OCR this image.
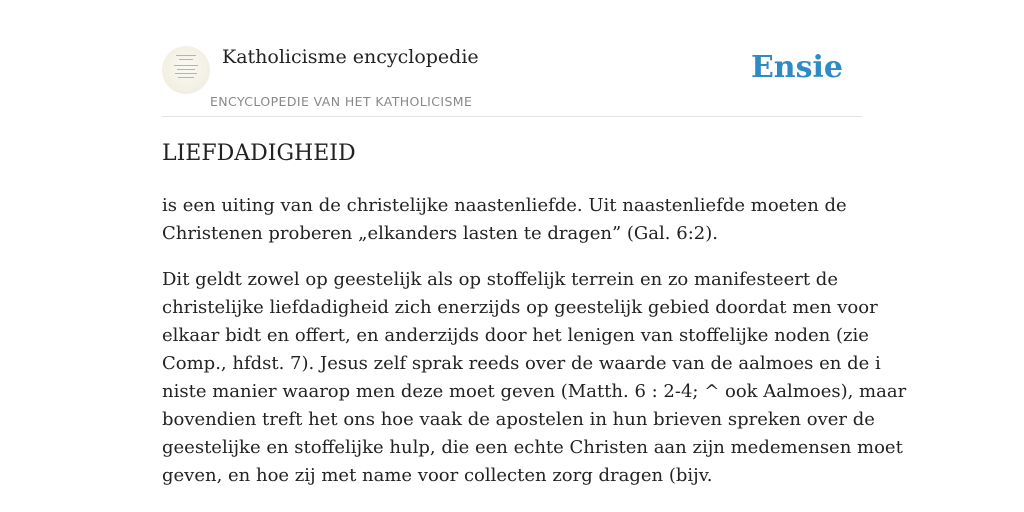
Katholicisme encyclopedie
ENCYCLOPEDIE VAN HET KATHOLICISME
Ensie
LIEFDADIGHEID

is een uiting van de christelijke naastenliefde. Uit naastenliefde moeten de
Christenen proberen „elkanders lasten te dragen” (Gal. 6:2).

Dit geldt zowel op geestelijk als op stoffelijk terrein en zo manifesteert de
christelijke liefdadigheid zich enerzijds op geestelijk gebied doordat men voor
elkaar bidt en offert, en anderzijds door het lenigen van stoffelijke noden (zie
Comp., hfdst. 7). Jesus zelf sprak reeds over de waarde van de aalmoes en de i
niste manier waarop men deze moet geven (Matth. 6 : 2-4; ^ ook Aalmoes), maar
bovendien treft het ons hoe vaak de apostelen in hun brieven spreken over de
geestelijke en stoffelijke hulp, die een echte Christen aan zijn medemensen moet
geven, en hoe zij met name voor collecten zorg dragen (bijv.
